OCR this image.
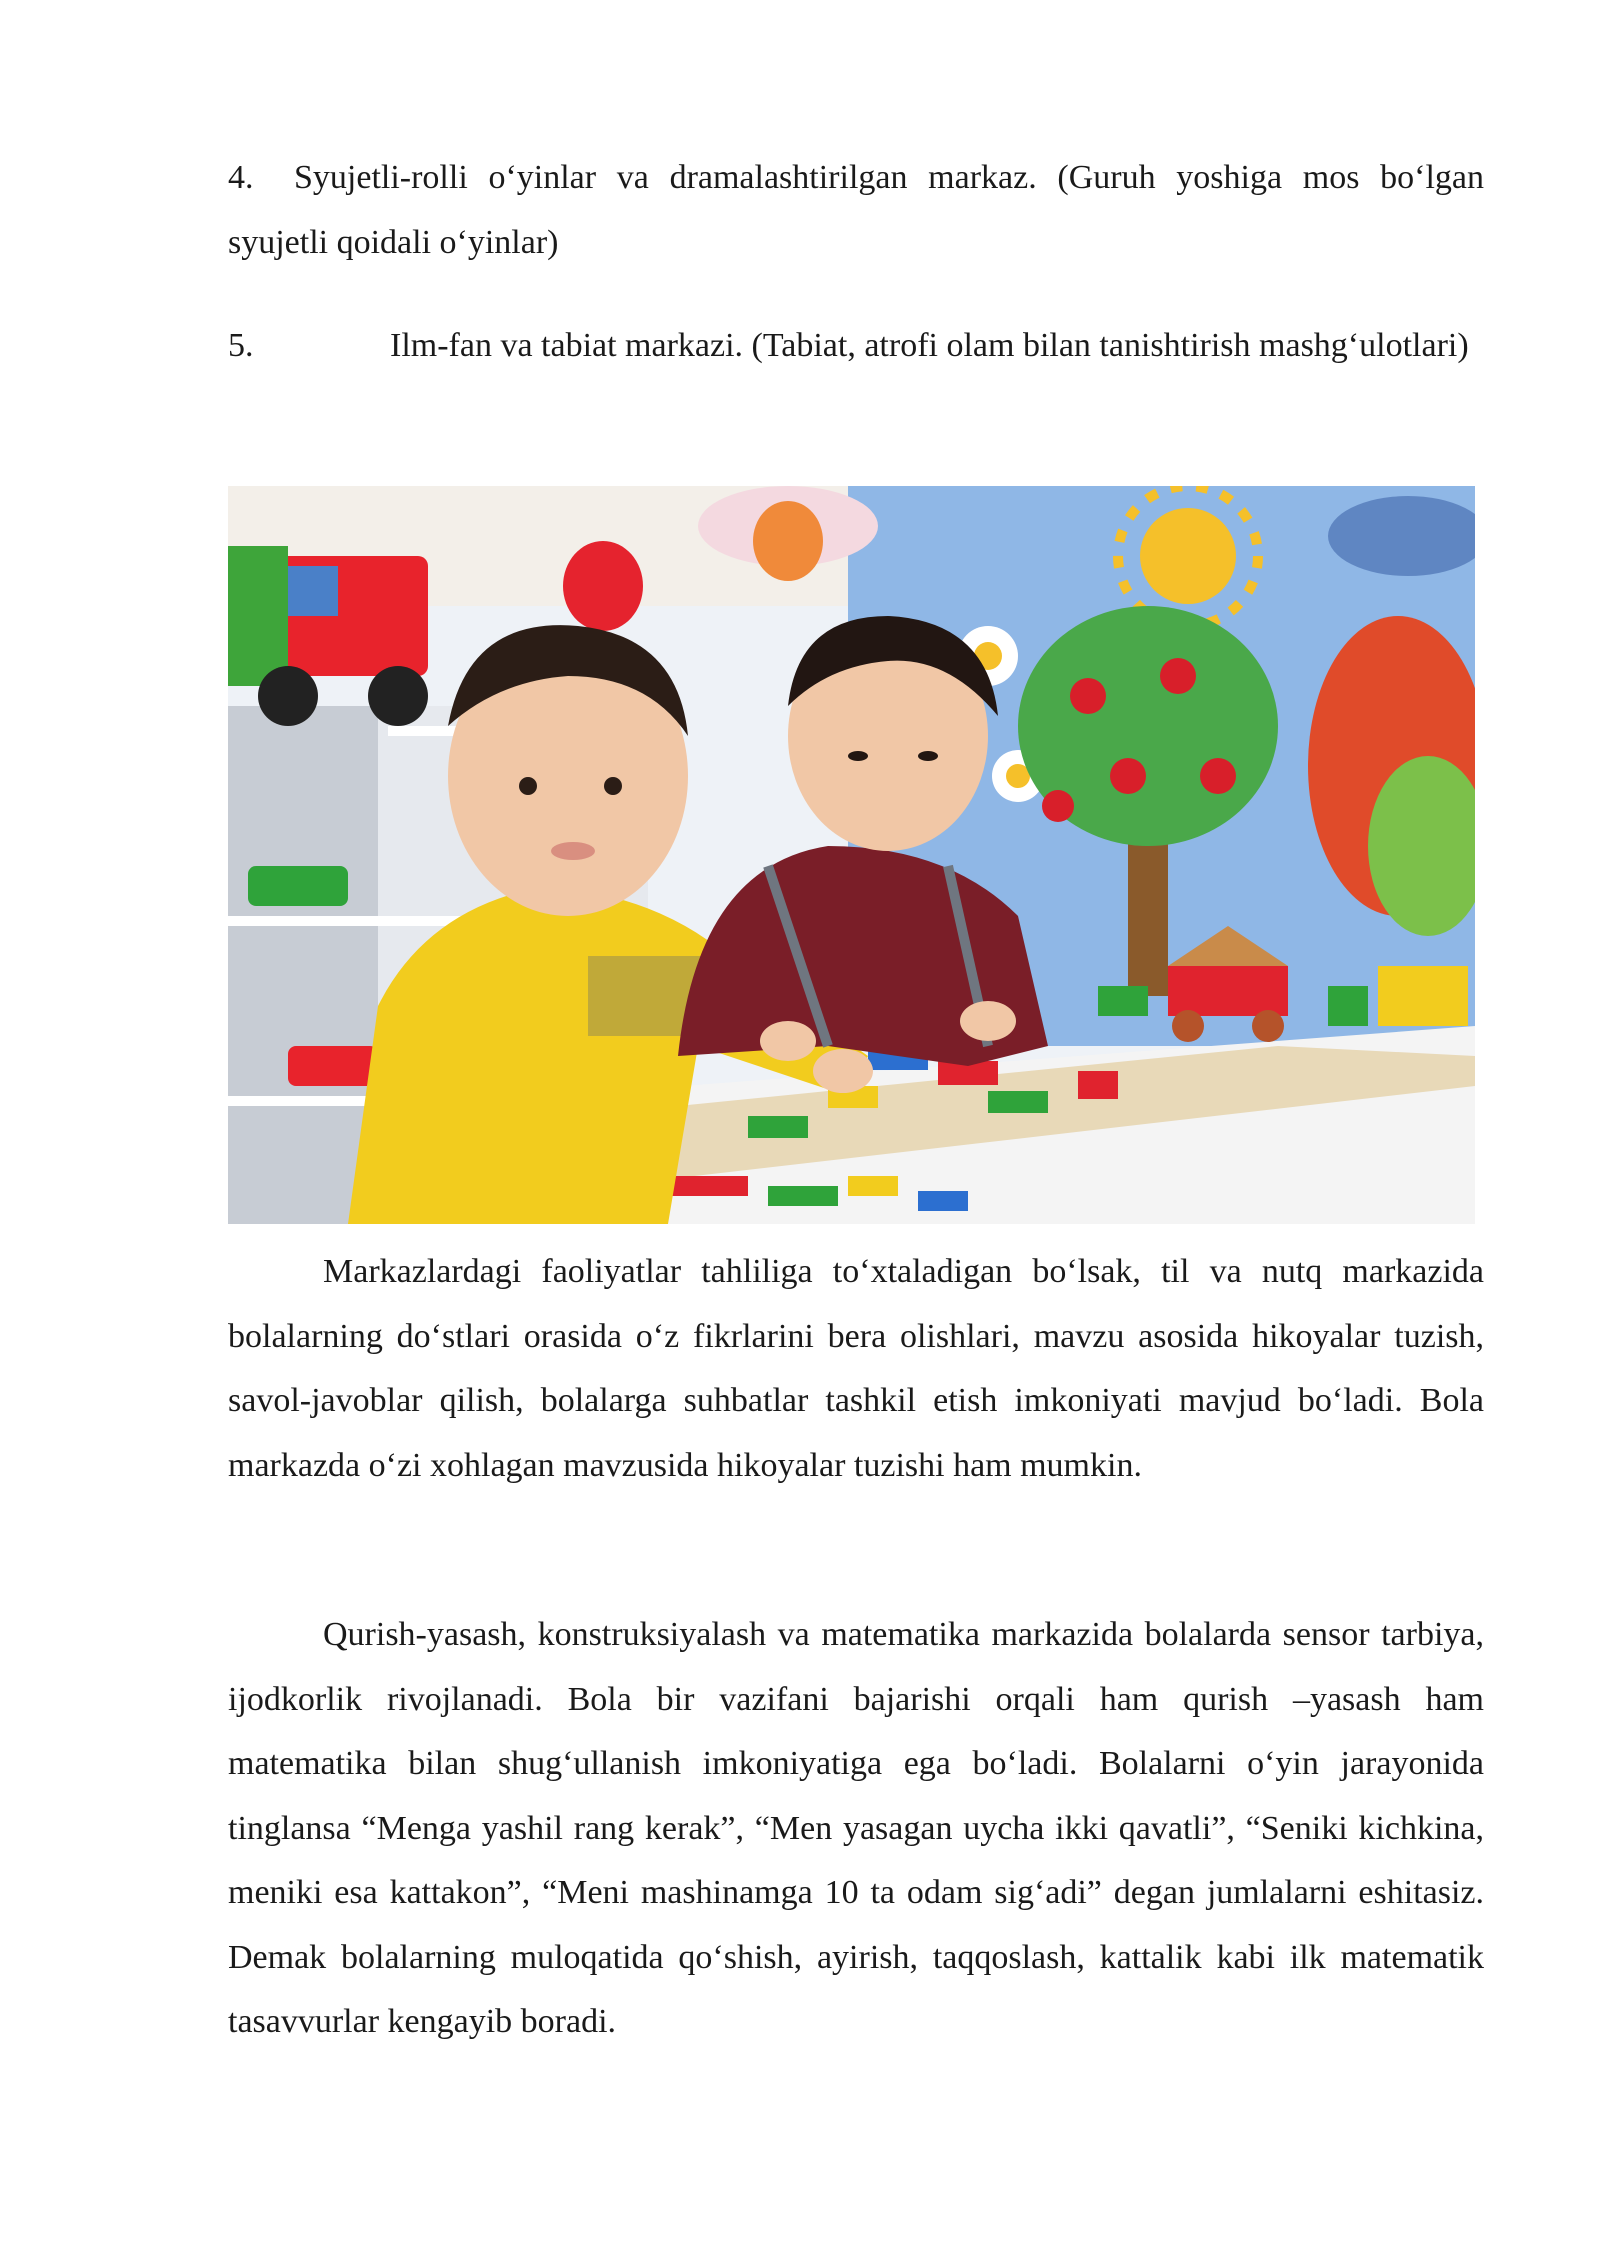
4. Syujetli-rolli o‘yinlar va dramalashtirilgan markaz. (Guruh yoshiga mos bo‘lgan syujetli qoidali o‘yinlar)

5.	Ilm-fan va tabiat markazi. (Tabiat, atrofi olam bilan tanishtirish mashg‘ulotlari)

Markazlardagi faoliyatlar tahliliga to‘xtaladigan bo‘lsak, til va nutq markazida bolalarning do‘stlari orasida o‘z fikrlarini bera olishlari, mavzu asosida hikoyalar tuzish, savol-javoblar qilish, bolalarga suhbatlar tashkil etish imkoniyati mavjud bo‘ladi. Bola markazda o‘zi xohlagan mavzusida hikoyalar tuzishi ham mumkin.

Qurish-yasash, konstruksiyalash va matematika markazida bolalarda sensor tarbiya, ijodkorlik rivojlanadi. Bola bir vazifani bajarishi orqali ham qurish –yasash ham matematika bilan shug‘ullanish imkoniyatiga ega bo‘ladi. Bolalarni o‘yin jarayonida tinglansa “Menga yashil rang kerak”, “Men yasagan uycha ikki qavatli”, “Seniki kichkina, meniki esa kattakon”, “Meni mashinamga 10 ta odam sig‘adi” degan jumlalarni eshitasiz. Demak bolalarning muloqatida qo‘shish, ayirish, taqqoslash, kattalik kabi ilk matematik tasavvurlar kengayib boradi.
